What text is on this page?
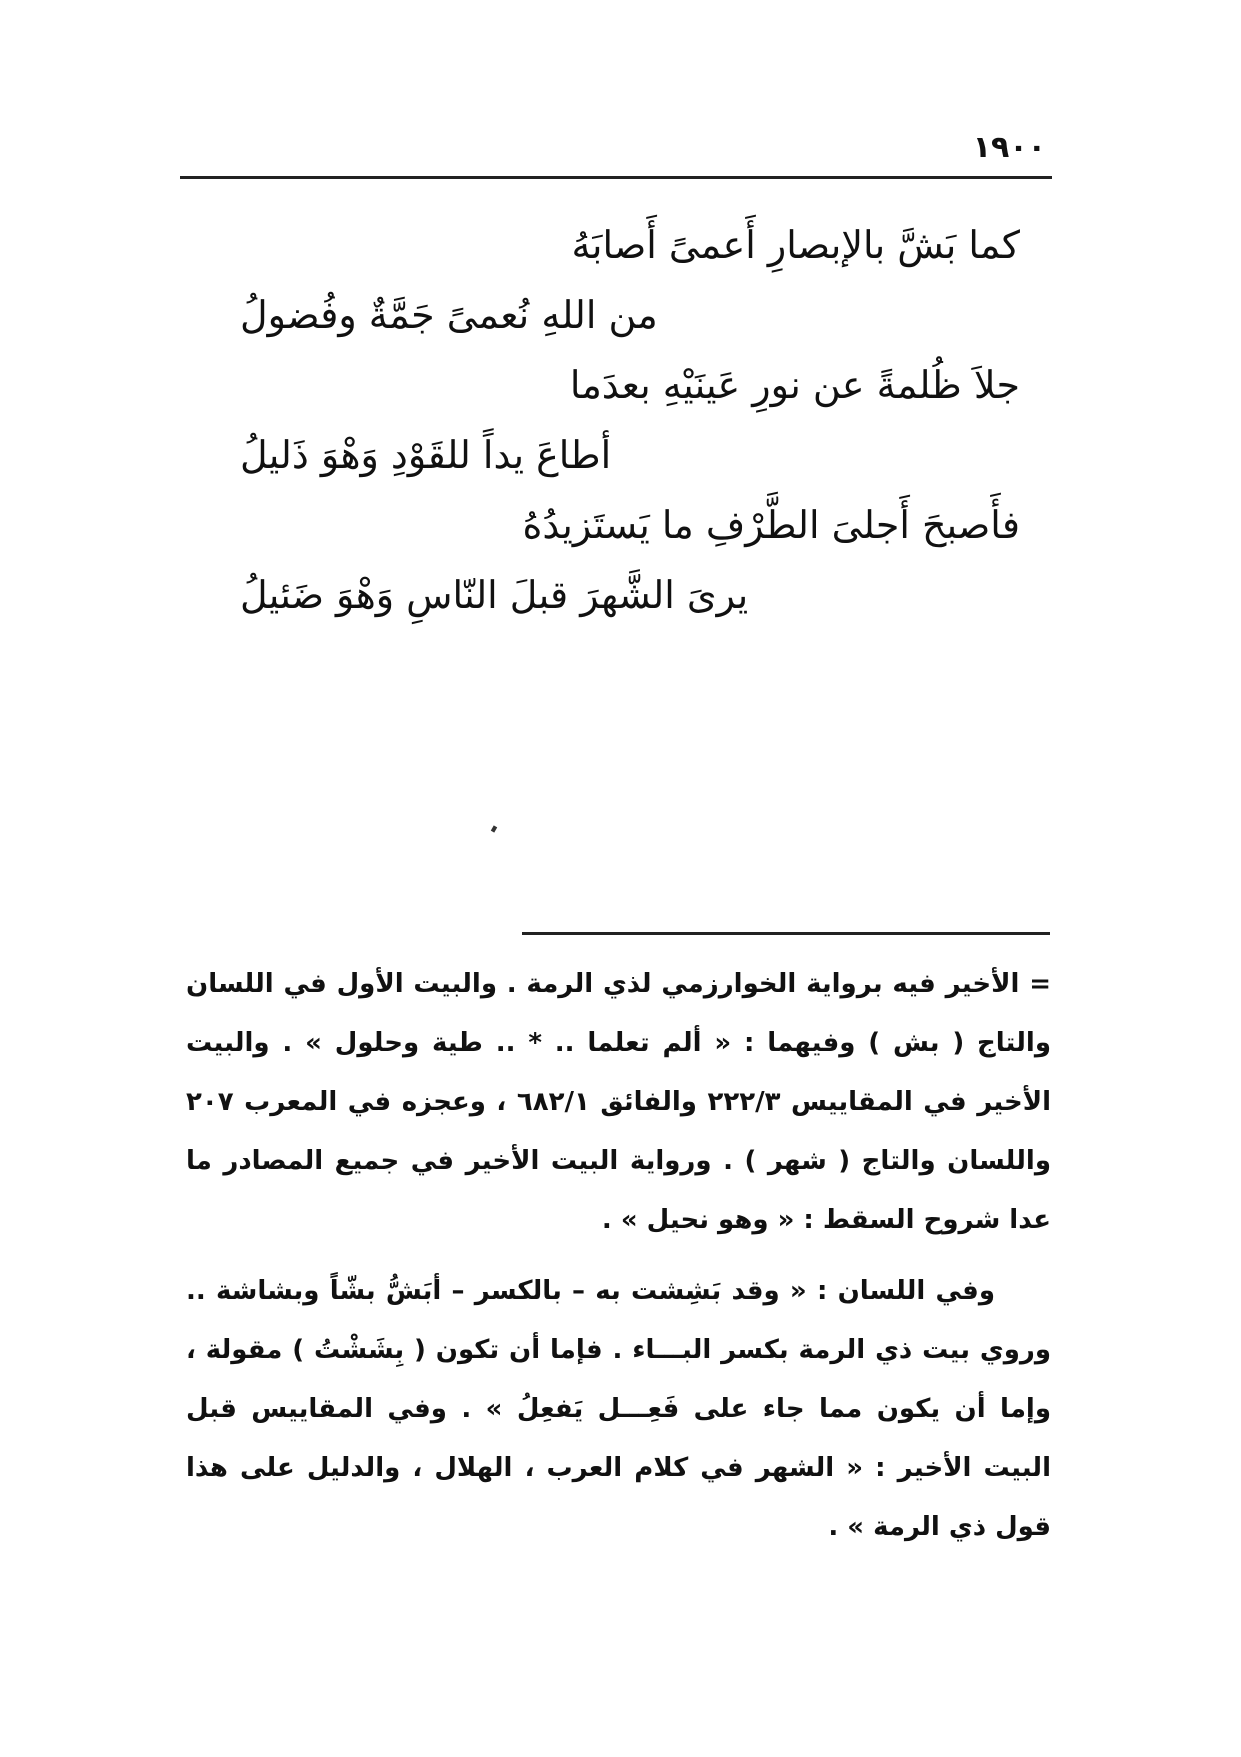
١٩٠٠
كما بَشَّ بالإبصارِ أَعمىً أَصابَهُ
من اللهِ نُعمىً جَمَّةٌ وفُضولُ
جلاَ ظُلمةً عن نورِ عَينَيْهِ بعدَما
أطاعَ يداً للقَوْدِ وَهْوَ ذَليلُ
فأَصبحَ أَجلىَ الطَّرْفِ ما يَستَزيدُهُ
يرىَ الشَّهرَ قبلَ النّاسِ وَهْوَ ضَئيلُ

= الأخير فيه برواية الخوارزمي لذي الرمة . والبيت الأول في اللسان والتاج ( بش ) وفيهما : « ألم تعلما .. * .. طية وحلول » . والبيت الأخير في المقاييس ٢٢٢/٣ والفائق ٦٨٢/١ ، وعجزه في المعرب ٢٠٧ واللسان والتاج ( شهر ) . ورواية البيت الأخير في جميع المصادر ما عدا شروح السقط : « وهو نحيل » .

وفي اللسان : « وقد بَشِشت به – بالكسر – أبَشُّ بشّاً وبشاشة .. وروي بيت ذي الرمة بكسر البـــاء . فإما أن تكون ( بِشَشْتُ ) مقولة ، وإما أن يكون مما جاء على فَعِـــل يَفعِلُ » . وفي المقاييس قبل البيت الأخير : « الشهر في كلام العرب ، الهلال ، والدليل على هذا قول ذي الرمة » .
